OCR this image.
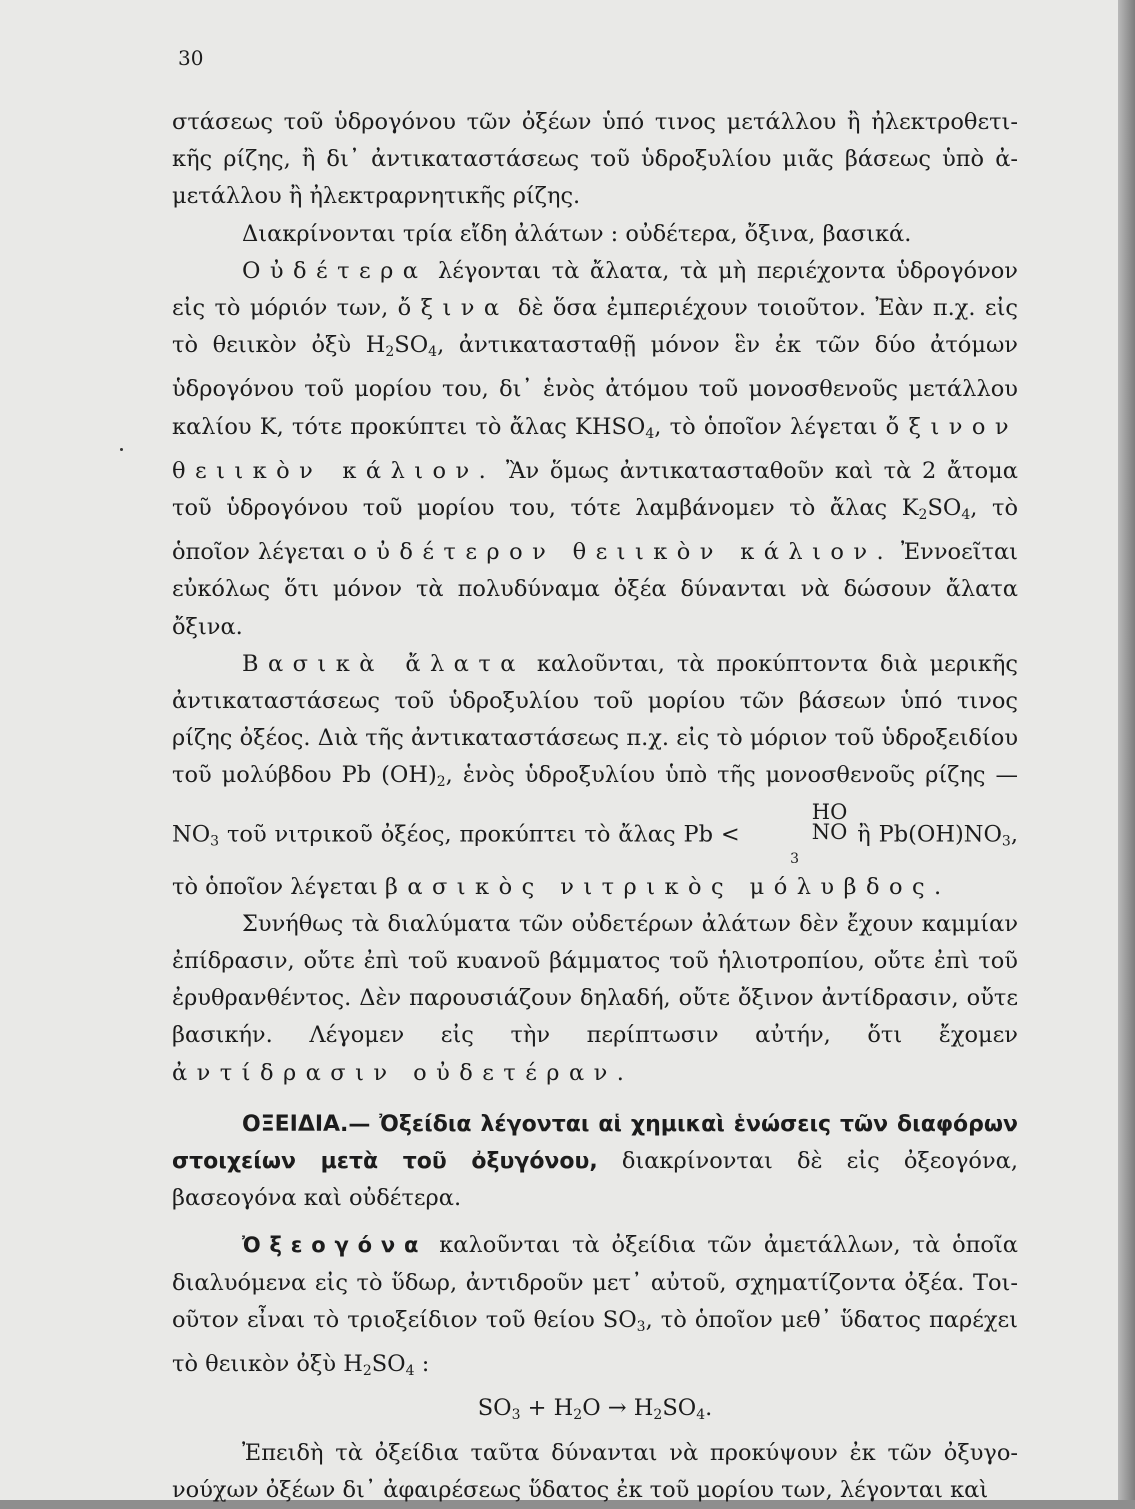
30

στάσεως τοῦ ὑδρογόνου τῶν ὀξέων ὑπό τινος μετάλλου ἢ ἠλεκτροθετικῆς ρίζης, ἢ δι᾽ ἀντικαταστάσεως τοῦ ὑδροξυλίου μιᾶς βάσεως ὑπὸ ἀμετάλλου ἢ ἠλεκτραρνητικῆς ρίζης.

Διακρίνονται τρία εἴδη ἀλάτων : οὐδέτερα, ὄξινα, βασικά.

Οὐδέτερα λέγονται τὰ ἄλατα, τὰ μὴ περιέχοντα ὑδρογόνον εἰς τὸ μόριόν των, ὄξινα δὲ ὅσα ἐμπεριέχουν τοιοῦτον. Ἐὰν π.χ. εἰς τὸ θειικὸν ὀξὺ $H_2SO_4$, ἀντικατασταθῇ μόνον ἓν ἐκ τῶν δύο ἀτόμων ὑδρογόνου τοῦ μορίου του, δι᾽ ἑνὸς ἀτόμου τοῦ μονοσθενοῦς μετάλλου καλίου K, τότε προκύπτει τὸ ἄλας $KHSO_4$, τὸ ὁποῖον λέγεται ὄξινον θειικὸν κάλιον. Ἂν ὅμως ἀντικατασταθοῦν καὶ τὰ 2 ἄτομα τοῦ ὑδρογόνου τοῦ μορίου του, τότε λαμβάνομεν τὸ ἄλας $K_2SO_4$, τὸ ὁποῖον λέγεται οὐδέτερον θειικὸν κάλιον. Ἐννοεῖται εὐκόλως ὅτι μόνον τὰ πολυδύναμα ὀξέα δύνανται νὰ δώσουν ἄλατα ὄξινα.

Βασικὰ ἄλατα καλοῦνται, τὰ προκύπτοντα διὰ μερικῆς ἀντικαταστάσεως τοῦ ὑδροξυλίου τοῦ μορίου τῶν βάσεων ὑπό τινος ρίζης ὀξέος. Διὰ τῆς ἀντικαταστάσεως π.χ. εἰς τὸ μόριον τοῦ ὑδροξειδίου τοῦ μολύβδου Pb $(OH)_2$, ἑνὸς ὑδροξυλίου ὑπὸ τῆς μονοσθενοῦς ρίζης — $NO_3$ τοῦ νιτρικοῦ ὀξέος, προκύπτει τὸ ἄλας Pb <
HO
NO
$_3$
ἢ $Pb(OH)NO_3$, τὸ ὁποῖον λέγεται βασικὸς νιτρικὸς μόλυβδος.

Συνήθως τὰ διαλύματα τῶν οὐδετέρων ἀλάτων δὲν ἔχουν καμμίαν ἐπίδρασιν, οὔτε ἐπὶ τοῦ κυανοῦ βάμματος τοῦ ἡλιοτροπίου, οὔτε ἐπὶ τοῦ ἐρυθρανθέντος. Δὲν παρουσιάζουν δηλαδή, οὔτε ὄξινον ἀντίδρασιν, οὔτε βασικήν. Λέγομεν εἰς τὴν περίπτωσιν αὐτήν, ὅτι ἔχομεν ἀντίδρασιν οὐδετέραν.

ΟΞΕΙΔΙΑ.— Ὀξείδια λέγονται αἱ χημικαὶ ἑνώσεις τῶν διαφόρων στοιχείων μετὰ τοῦ ὀξυγόνου, διακρίνονται δὲ εἰς ὀξεογόνα, βασεογόνα καὶ οὐδέτερα.

Ὀξεογόνα καλοῦνται τὰ ὀξείδια τῶν ἀμετάλλων, τὰ ὁποῖα διαλυόμενα εἰς τὸ ὕδωρ, ἀντιδροῦν μετ᾽ αὐτοῦ, σχηματίζοντα ὀξέα. Τοιοῦτον εἶναι τὸ τριοξείδιον τοῦ θείου $SO_3$, τὸ ὁποῖον μεθ᾽ ὕδατος παρέχει τὸ θειικὸν ὀξὺ $H_2SO_4$ :

$SO_3 + H_2O \to H_2SO_4$.

Ἐπειδὴ τὰ ὀξείδια ταῦτα δύνανται νὰ προκύψουν ἐκ τῶν ὀξυγονούχων ὀξέων δι᾽ ἀφαιρέσεως ὕδατος ἐκ τοῦ μορίου των, λέγονται καὶ
